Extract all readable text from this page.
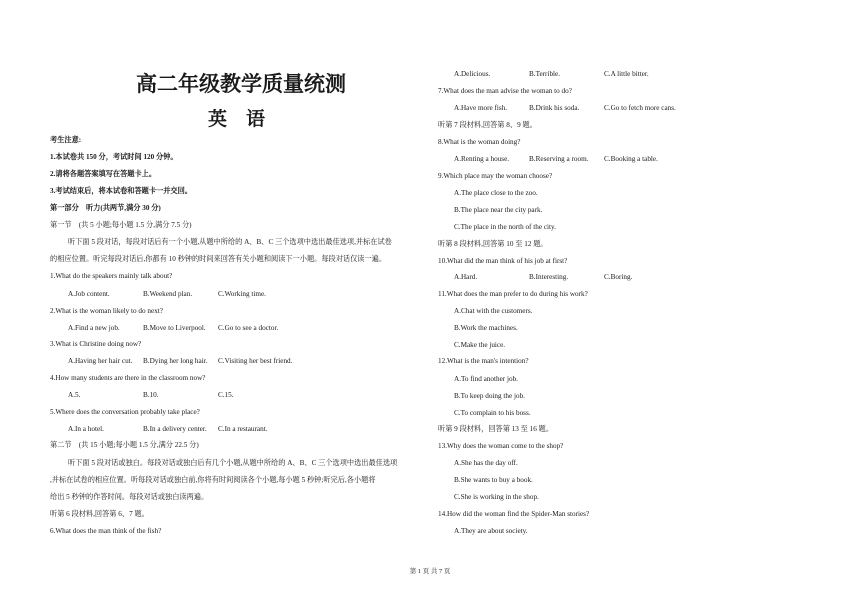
高二年级教学质量统测
英　语
考生注意:
1.本试卷共 150 分，考试时间 120 分钟。
2.请将各题答案填写在答题卡上。
3.考试结束后，将本试卷和答题卡一并交回。
第一部分　听力(共两节,满分 30 分)
第一节　(共 5 小题;每小题 1.5 分,满分 7.5 分)
听下面 5 段对话，每段对话后有一个小题,从题中所给的 A、B、C 三个选项中选出最佳选项,并标在试卷
的相应位置。听完每段对话后,你都有 10 秒钟的时间来回答有关小题和阅读下一小题。每段对话仅读一遍。
1.What do the speakers mainly talk about?
A.Job content.	B.Weekend plan.	C.Working time.
2.What is the woman likely to do next?
A.Find a new job.	B.Move to Liverpool. C.Go to see a doctor.
3.What is Christine doing now?
A.Having her hair cut. B.Dying her long hair. C.Visiting her best friend.
4.How many students are there in the classroom now?
A.5.	B.10.	C.15.
5.Where does the conversation probably take place?
A.In a hotel.	B.In a delivery center. C.In a restaurant.
第二节　(共 15 小题;每小题 1.5 分,满分 22.5 分)
听下面 5 段对话或独白。每段对话或独白后有几个小题,从题中所给的 A、B、C 三个选项中选出最佳选项
,并标在试卷的相应位置。听每段对话或独白前,你将有时间阅读各个小题,每小题 5 秒钟;听完后,各小题将
给出 5 秒钟的作答时间。每段对话或独白读两遍。
听第 6 段材料,回答第 6、7 题。
6.What does the man think of the fish?
A.Delicious.	B.Terrible.	C.A little bitter.
7.What does the man advise the woman to do?
A.Have more fish.	B.Drink his soda.	C.Go to fetch more cans.
听第 7 段材料,回答第 8、9 题。
8.What is the woman doing?
A.Renting a house.	B.Reserving a room. C.Booking a table.
9.Which place may the woman choose?
A.The place close to the zoo.
B.The place near the city park.
C.The place in the north of the city.
听第 8 段材料,回答第 10 至 12 题。
10.What did the man think of his job at first?
A.Hard.	B.Interesting.	C.Boring.
11.What does the man prefer to do during his work?
A.Chat with the customers.
B.Work the machines.
C.Make the juice.
12.What is the man's intention?
A.To find another job.
B.To keep doing the job.
C.To complain to his boss.
听第 9 段材料，回答第 13 至 16 题。
13.Why does the woman come to the shop?
A.She has the day off.
B.She wants to buy a book.
C.She is working in the shop.
14.How did the woman find the Spider-Man stories?
A.They are about society.
第 1 页 共 7 页
